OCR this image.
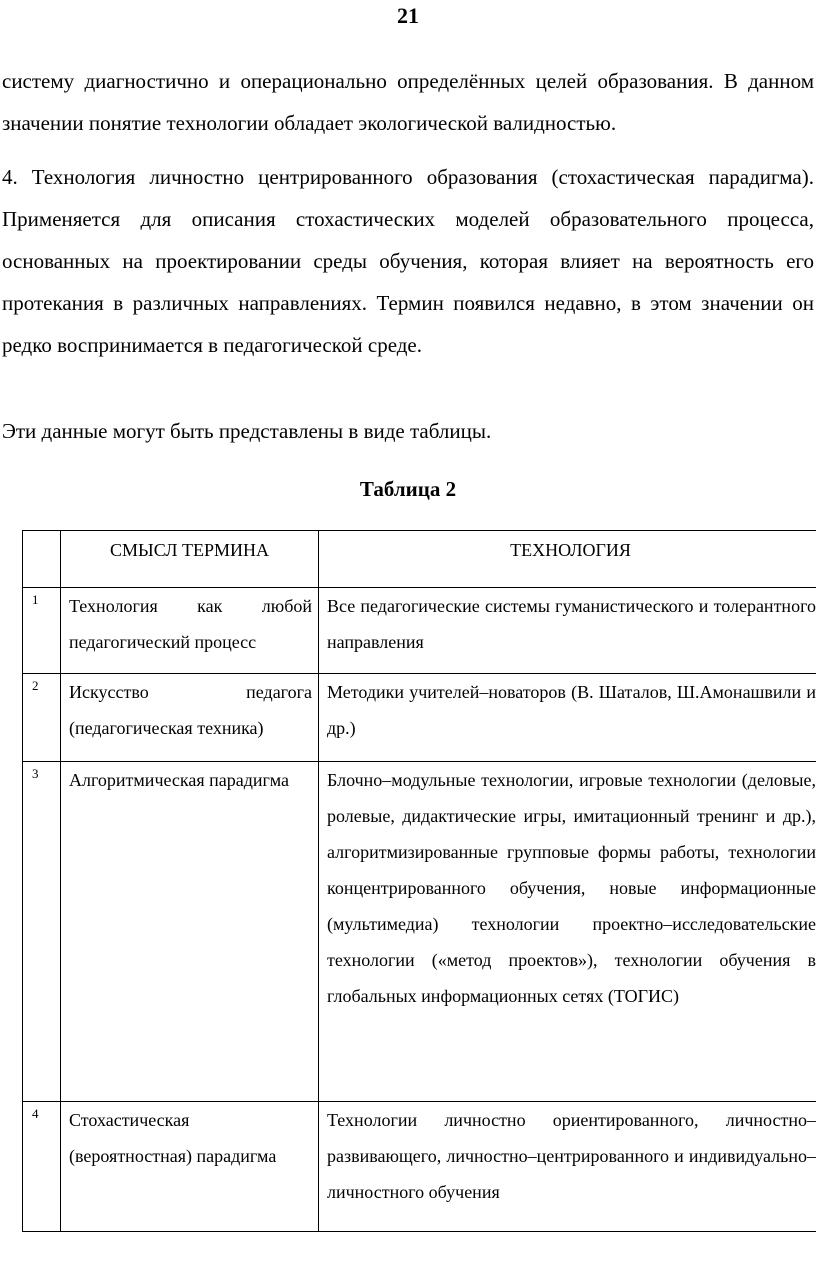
21

системy диагностично и операционально определённых целей образования. В данном значении понятие технологии обладает экологической валидностью.

4. Технология личностно центрированного образования (стохастическая парадигма). Применяется для описания стохастических моделей образовательного процесса, основанных на проектировании среды обучения, которая влияет на вероятность его протекания в различных направлениях. Термин появился недавно, в этом значении он редко воспринимается в педагогической среде.

Эти данные могут быть представлены в виде таблицы.

Таблица 2
	СМЫСЛ ТЕРМИНА	ТЕХНОЛОГИЯ
1	Технология как любой педагогический процесс	Все педагогические системы гуманистического и толерантного направления
2	Искусство педагога (педагогическая техника)	Методики учителей–новаторов (В. Шаталов, Ш.Амонашвили и др.)
3	Алгоритмическая парадигма	Блочно–модульные технологии, игровые технологии (деловые, ролевые, дидактические игры, имитационный тренинг и др.), алгоритмизированные групповые формы работы, технологии концентрированного обучения, новые информационные (мультимедиа) технологии проектно–исследовательские технологии («метод проектов»), технологии обучения в глобальных информационных сетях (ТОГИС)
4	Стохастическая (вероятностная) парадигма	Технологии личностно ориентированного, личностно–развивающего, личностно–центрированного и индивидуально–личностного обучения
